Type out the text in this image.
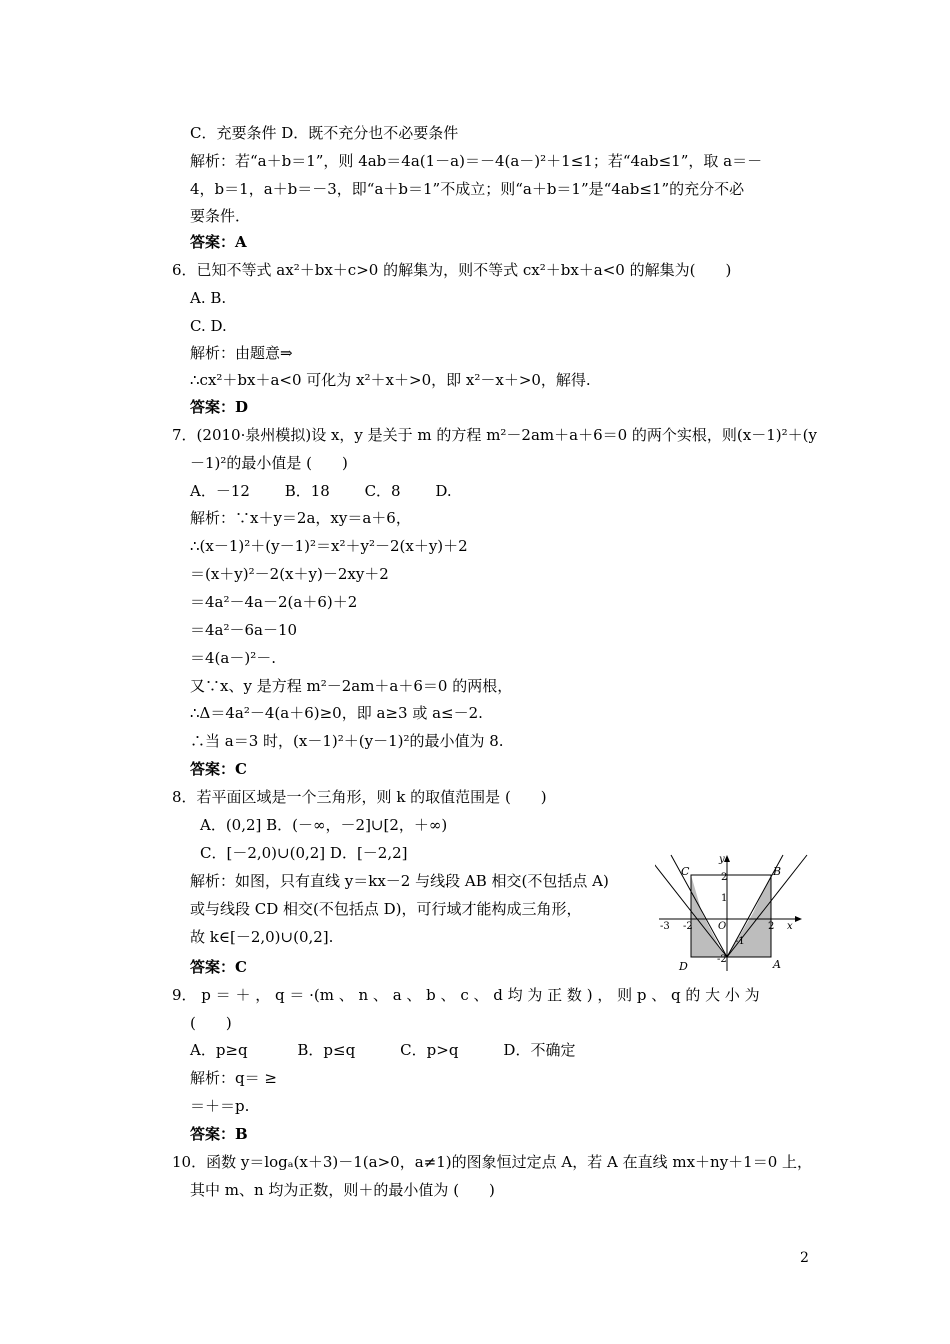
C．充要条件 D．既不充分也不必要条件
解析：若“a＋b＝1”，则 4ab＝4a(1－a)＝－4(a－)²＋1≤1；若“4ab≤1”，取 a＝－
4，b＝1，a＋b＝－3，即“a＋b＝1”不成立；则“a＋b＝1”是“4ab≤1”的充分不必
要条件．
答案：A
6．已知不等式 ax²＋bx＋c>0 的解集为，则不等式 cx²＋bx＋a<0 的解集为(　　)
A. B.
C. D.
解析：由题意⇒
∴cx²＋bx＋a<0 可化为 x²＋x＋>0，即 x²－x＋>0，解得.
答案：D
7．(2010·泉州模拟)设 x，y 是关于 m 的方程 m²－2am＋a＋6＝0 的两个实根，则(x－1)²＋(y
－1)²的最小值是 (　　)
A．－12　　 B．18　　 C．8　　 D.
解析：∵x＋y＝2a，xy＝a＋6，
∴(x－1)²＋(y－1)²＝x²＋y²－2(x＋y)＋2
＝(x＋y)²－2(x＋y)－2xy＋2
＝4a²－4a－2(a＋6)＋2
＝4a²－6a－10
＝4(a－)²－.
又∵x、y 是方程 m²－2am＋a＋6＝0 的两根，
∴Δ＝4a²－4(a＋6)≥0，即 a≥3 或 a≤－2.
∴当 a＝3 时，(x－1)²＋(y－1)²的最小值为 8.
答案：C
8．若平面区域是一个三角形，则 k 的取值范围是 (　　)
A．(0,2] B．(－∞，－2]∪[2，＋∞)
C．[－2,0)∪(0,2] D．[－2,2]
解析：如图，只有直线 y＝kx－2 与线段 AB 相交(不包括点 A)
或与线段 CD 相交(不包括点 D)，可行域才能构成三角形，
故 k∈[－2,0)∪(0,2].
答案：C
9． p ＝ ＋ ， q ＝ ·(m 、 n 、 a 、 b 、 c 、 d 均 为 正 数 ) ， 则 p 、 q 的 大 小 为
(　　)
A．p≥q　　　 B．p≤q　　　C．p>q　　　D．不确定
解析：q＝ ≥
＝＋＝p.
答案：B
10．函数 y＝logₐ(x＋3)－1(a>0，a≠1)的图象恒过定点 A，若 A 在直线 mx＋ny＋1＝0 上，
其中 m、n 均为正数，则＋的最小值为 (　　)
C	B
D	A
O	x
y
-3 -2	2
2
1
-1
-2
2
